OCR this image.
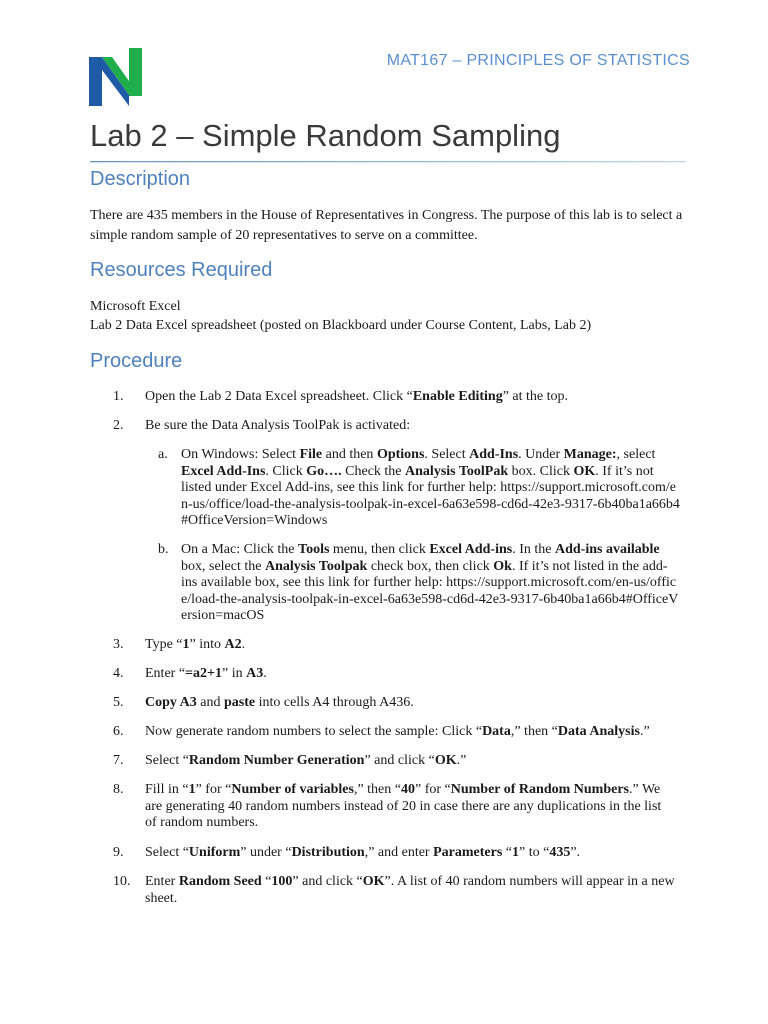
MAT167 – PRINCIPLES OF STATISTICS
Lab 2 – Simple Random Sampling
Description

There are 435 members in the House of Representatives in Congress. The purpose of this lab is to select a simple random sample of 20 representatives to serve on a committee.

Resources Required
Microsoft Excel
Lab 2 Data Excel spreadsheet (posted on Blackboard under Course Content, Labs, Lab 2)
Procedure
1. Open the Lab 2 Data Excel spreadsheet. Click “Enable Editing” at the top.
2. Be sure the Data Analysis ToolPak is activated:
a. On Windows: Select File and then Options. Select Add-Ins. Under Manage:, select Excel Add-Ins. Click Go…. Check the Analysis ToolPak box. Click OK. If it’s not listed under Excel Add-ins, see this link for further help: https://support.microsoft.com/en-us/office/load-the-analysis-toolpak-in-excel-6a63e598-cd6d-42e3-9317-6b40ba1a66b4#OfficeVersion=Windows
b. On a Mac: Click the Tools menu, then click Excel Add-ins. In the Add-ins available box, select the Analysis Toolpak check box, then click Ok. If it’s not listed in the add-ins available box, see this link for further help: https://support.microsoft.com/en-us/office/load-the-analysis-toolpak-in-excel-6a63e598-cd6d-42e3-9317-6b40ba1a66b4#OfficeVersion=macOS
3. Type “1” into A2.
4. Enter “=a2+1” in A3.
5. Copy A3 and paste into cells A4 through A436.
6. Now generate random numbers to select the sample: Click “Data,” then “Data Analysis.”
7. Select “Random Number Generation” and click “OK.”
8. Fill in “1” for “Number of variables,” then “40” for “Number of Random Numbers.” We are generating 40 random numbers instead of 20 in case there are any duplications in the list of random numbers.
9. Select “Uniform” under “Distribution,” and enter Parameters “1” to “435”.
10. Enter Random Seed “100” and click “OK”. A list of 40 random numbers will appear in a new sheet.
